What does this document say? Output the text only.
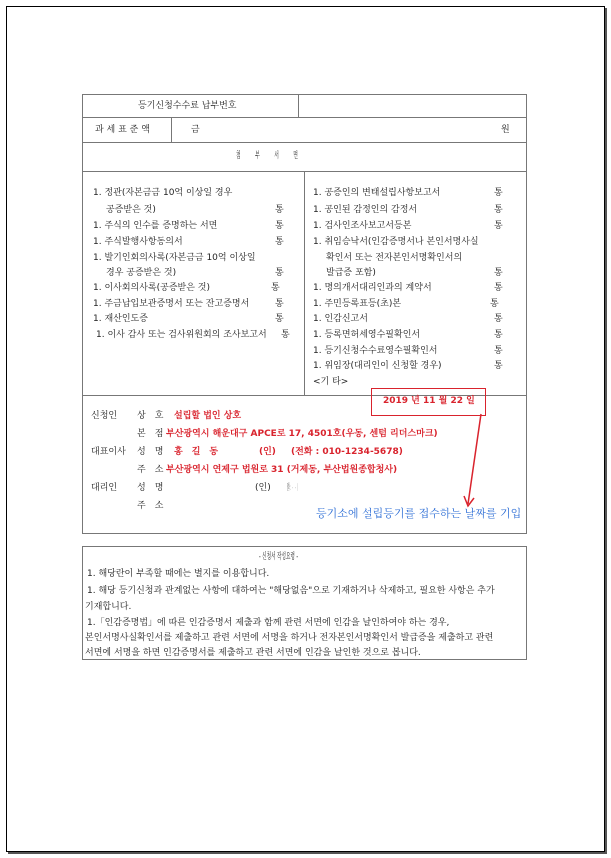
등기신청수수료 납부번호
과 세 표 준 액	금	원
첨　　　부　　　서　　　면
1. 정관(자본금금 10억 이상일 경우
공증받은 것)	통
1. 주식의 인수를 증명하는 서면	통
1. 주식발행사항동의서	통
1. 발기인회의사록(자본금금 10억 이상일
경우 공증받은 것)	통
1. 이사회의사록(공증받은 것)	통
1. 주금납입보관증명서 또는 잔고증명서	통
1. 재산인도증	통
1. 이사 감사 또는 검사위원회의 조사보고서 통
1. 공증인의 변태설립사항보고서	통
1. 공인된 감정인의 감정서	통
1. 검사인조사보고서등본	통
1. 취임승낙서(인감증명서나 본인서명사실
확인서 또는 전자본인서명확인서의
발급증 포함)	통
1. 명의개서대리인과의 계약서	통
1. 주민등록표등(초)본	통
1. 인감신고서	통
1. 등록면허세영수필확인서	통
1. 등기신청수수료영수필확인서	통
1. 위임장(대리인이 신청할 경우)	통
<기 타>
2019 년 11 월 22 일
신청인 상　호 설립할 법인 상호
본　점 부산광역시 해운대구 APCE로 17, 4501호(우동, 센텀 리더스마크)
대표이사 성　명 홍　길　동	(인) (전화 : 010-1234-5678)
주　소 부산광역시 연제구 법원로 31 (거제동, 부산법원종합청사)
대리인 성　명	(인) (전화 :　　-　　-　　)
주　소
등기소에 설립등기를 접수하는 날짜를 기입
- 신청서 작성요령 -
1. 해당란이 부족할 때에는 별지를 이용합니다.
1. 해당 등기신청과 관계없는 사항에 대하여는 "해당없음"으로 기재하거나 삭제하고, 필요한 사항은 추가
기재합니다.
1.「인감증명법」에 따른 인감증명서 제출과 함께 관련 서면에 인감을 날인하여야 하는 경우,
본인서명사실확인서를 제출하고 관련 서면에 서명을 하거나 전자본인서명확인서 발급증을 제출하고 관련
서면에 서명을 하면 인감증명서를 제출하고 관련 서면에 인감을 날인한 것으로 봅니다.
